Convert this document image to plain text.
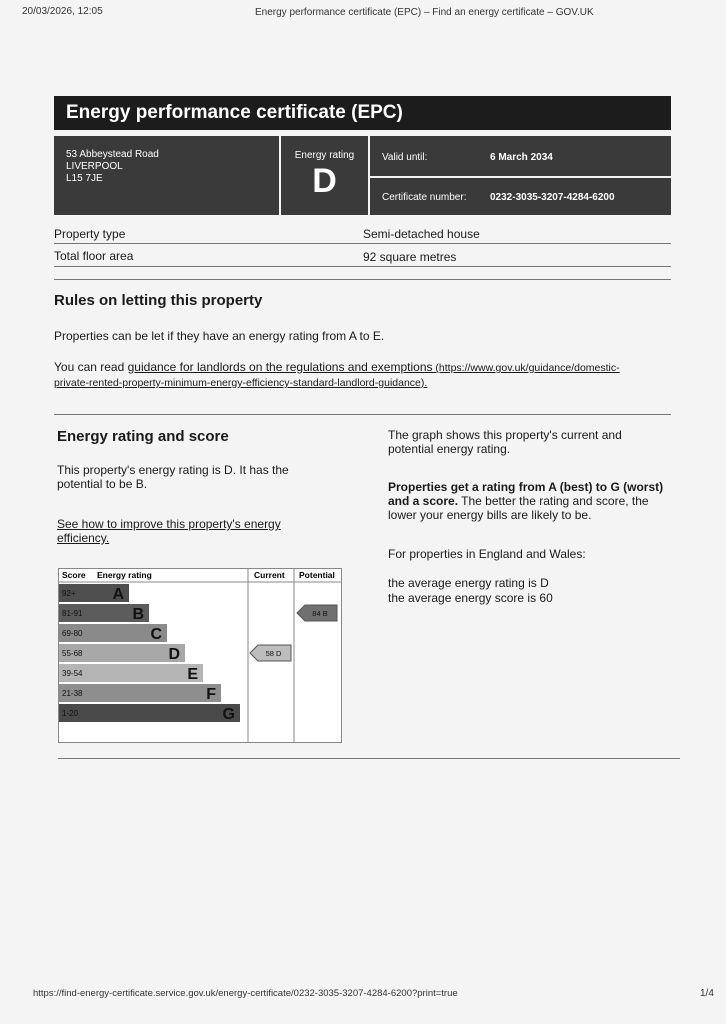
20/03/2026, 12:05	Energy performance certificate (EPC) – Find an energy certificate – GOV.UK
Energy performance certificate (EPC)
53 Abbeystead Road
LIVERPOOL
L15 7JE
Energy rating
D
Valid until:	6 March 2034
Certificate number: 0232-3035-3207-4284-6200
Property type	Semi-detached house
Total floor area	92 square metres
Rules on letting this property

Properties can be let if they have an energy rating from A to E.

You can read guidance for landlords on the regulations and exemptions (https://www.gov.uk/guidance/domestic-private-rented-property-minimum-energy-efficiency-standard-landlord-guidance).

Energy rating and score

This property's energy rating is D. It has the potential to be B.

See how to improve this property's energy efficiency.

The graph shows this property's current and potential energy rating.

Properties get a rating from A (best) to G (worst) and a score. The better the rating and score, the lower your energy bills are likely to be.

For properties in England and Wales:

the average energy rating is D

the average energy score is 60

Score Energy rating	Current Potential
92+ A
81-91	B
69-80	C
55-68	D
39-54	E
21-38	F
1-20	G
58 D
84 B
https://find-energy-certificate.service.gov.uk/energy-certificate/0232-3035-3207-4284-6200?print=true	1/4
